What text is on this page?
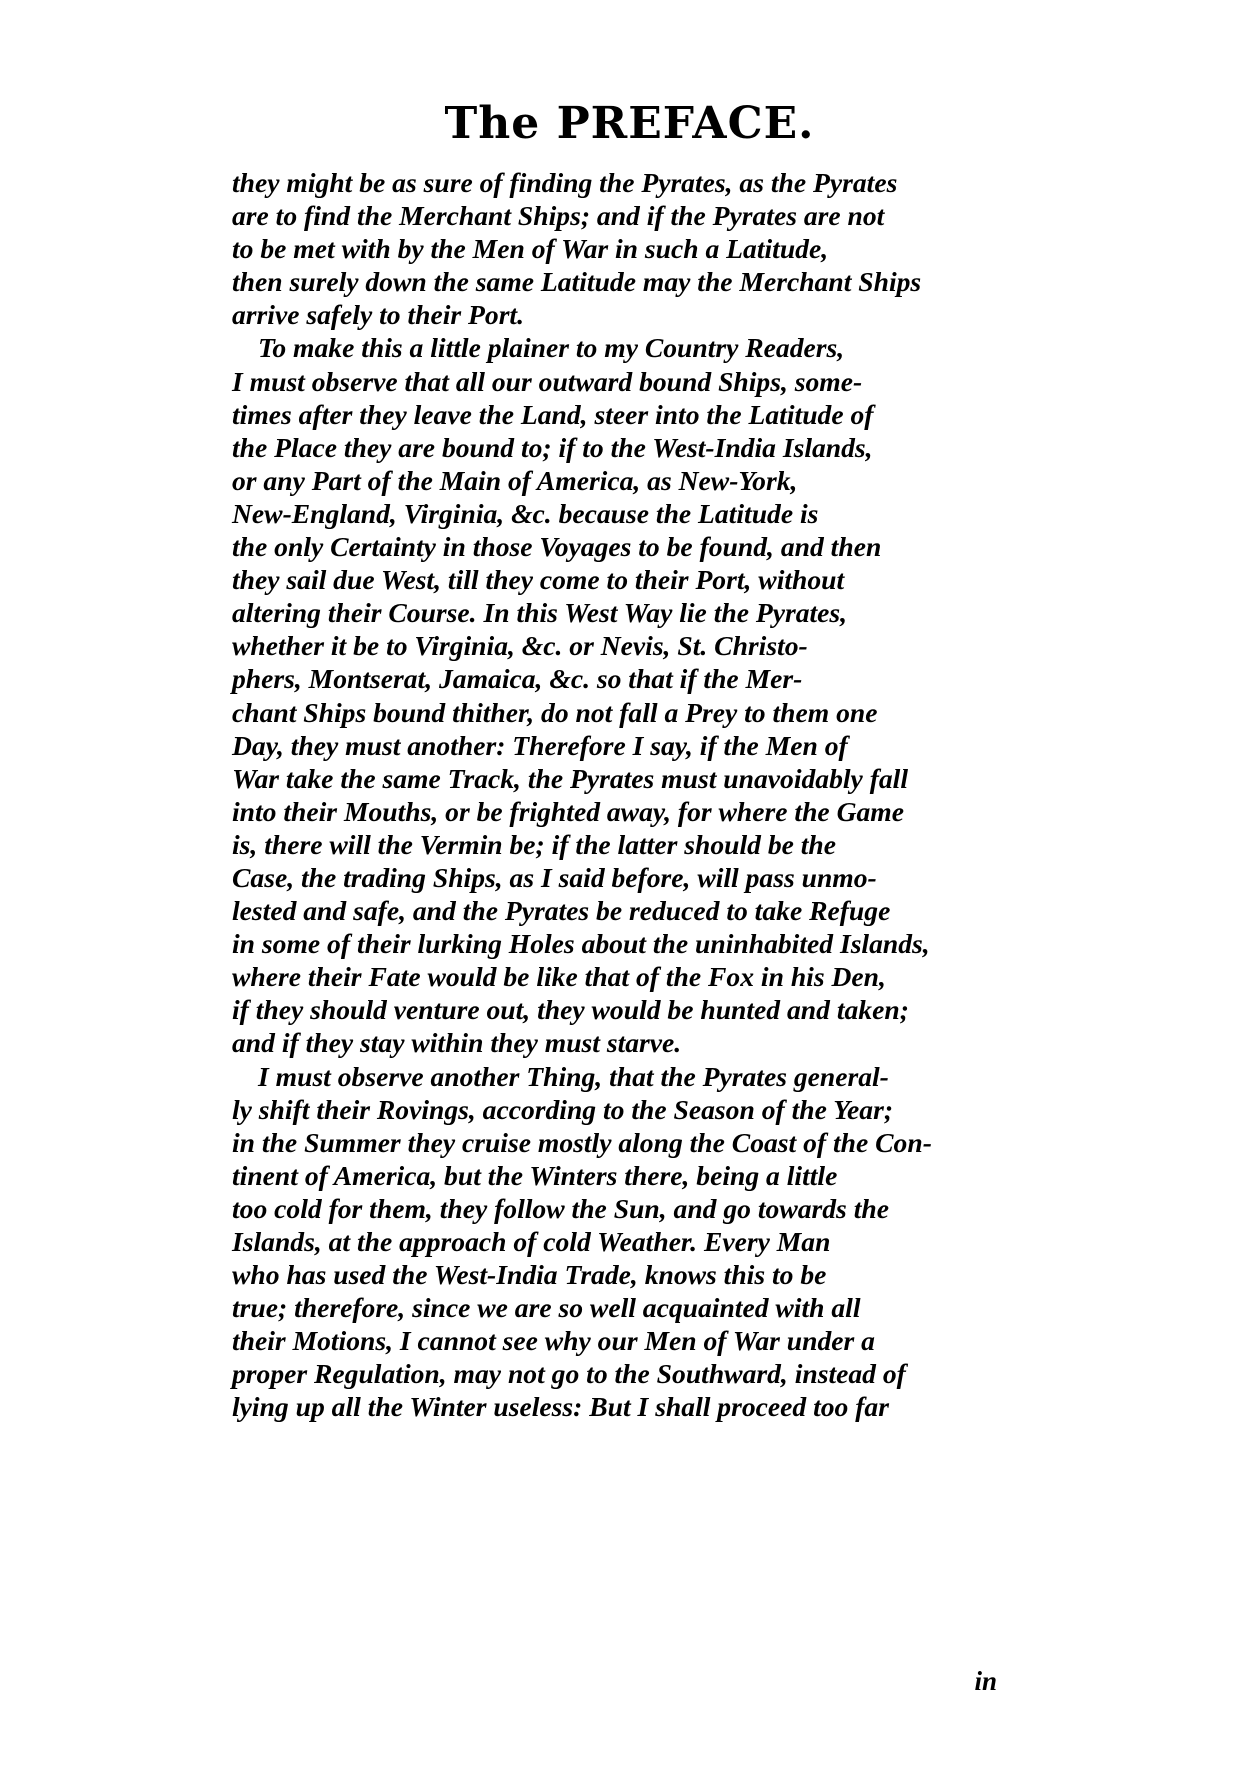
The PREFACE.
they might be as sure of finding the Pyrates, as the Pyrates
are to find the Merchant Ships; and if the Pyrates are not
to be met with by the Men of War in such a Latitude,
then surely down the same Latitude may the Merchant Ships
arrive safely to their Port.
To make this a little plainer to my Country Readers,
I must observe that all our outward bound Ships, some-
times after they leave the Land, steer into the Latitude of
the Place they are bound to; if to the West-India Islands,
or any Part of the Main of America, as New-York,
New-England, Virginia, &c. because the Latitude is
the only Certainty in those Voyages to be found, and then
they sail due West, till they come to their Port, without
altering their Course. In this West Way lie the Pyrates,
whether it be to Virginia, &c. or Nevis, St. Christo-
phers, Montserat, Jamaica, &c. so that if the Mer-
chant Ships bound thither, do not fall a Prey to them one
Day, they must another: Therefore I say, if the Men of
War take the same Track, the Pyrates must unavoidably fall
into their Mouths, or be frighted away, for where the Game
is, there will the Vermin be; if the latter should be the
Case, the trading Ships, as I said before, will pass unmo-
lested and safe, and the Pyrates be reduced to take Refuge
in some of their lurking Holes about the uninhabited Islands,
where their Fate would be like that of the Fox in his Den,
if they should venture out, they would be hunted and taken;
and if they stay within they must starve.
I must observe another Thing, that the Pyrates general-
ly shift their Rovings, according to the Season of the Year;
in the Summer they cruise mostly along the Coast of the Con-
tinent of America, but the Winters there, being a little
too cold for them, they follow the Sun, and go towards the
Islands, at the approach of cold Weather. Every Man
who has used the West-India Trade, knows this to be
true; therefore, since we are so well acquainted with all
their Motions, I cannot see why our Men of War under a
proper Regulation, may not go to the Southward, instead of
lying up all the Winter useless: But I shall proceed too far
in
